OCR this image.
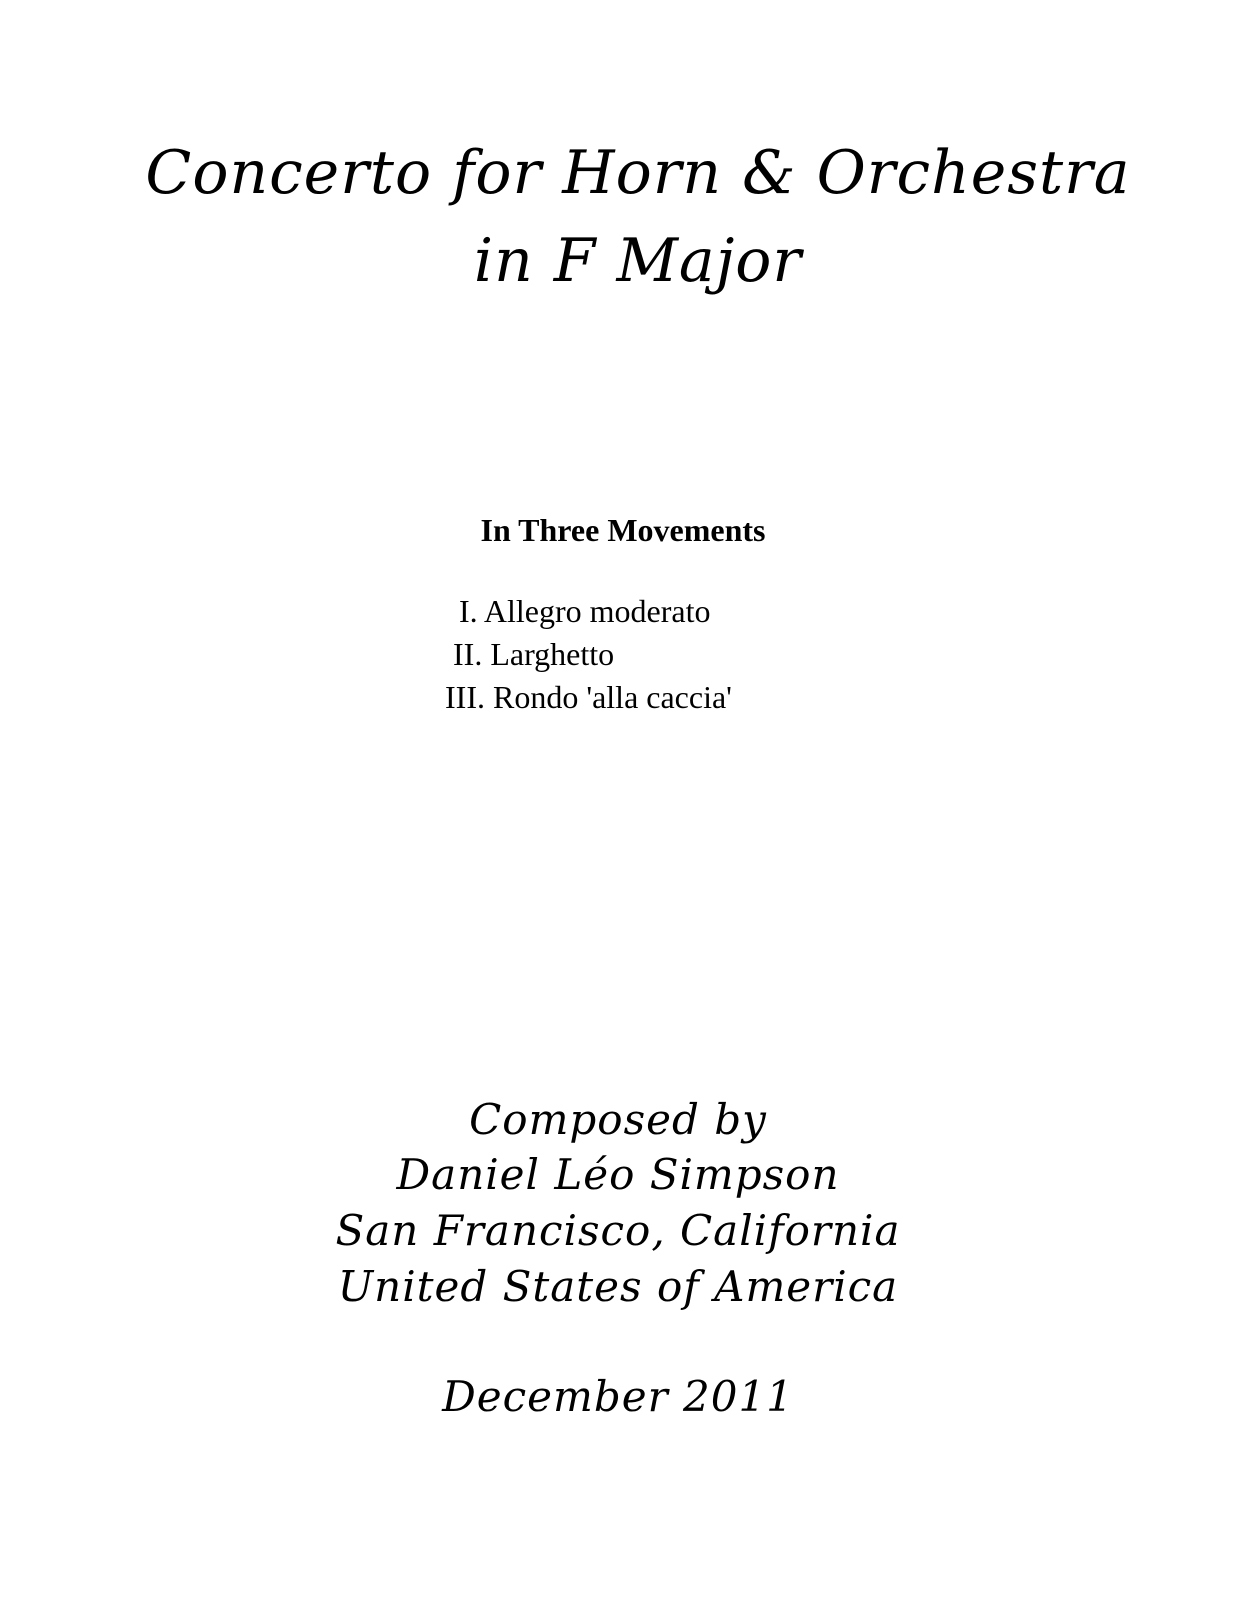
Concerto for Horn & Orchestra
in F Major
In Three Movements
I. Allegro moderato
II. Larghetto
III. Rondo 'alla caccia'
Composed by
Daniel Léo Simpson
San Francisco, California
United States of America
December 2011
